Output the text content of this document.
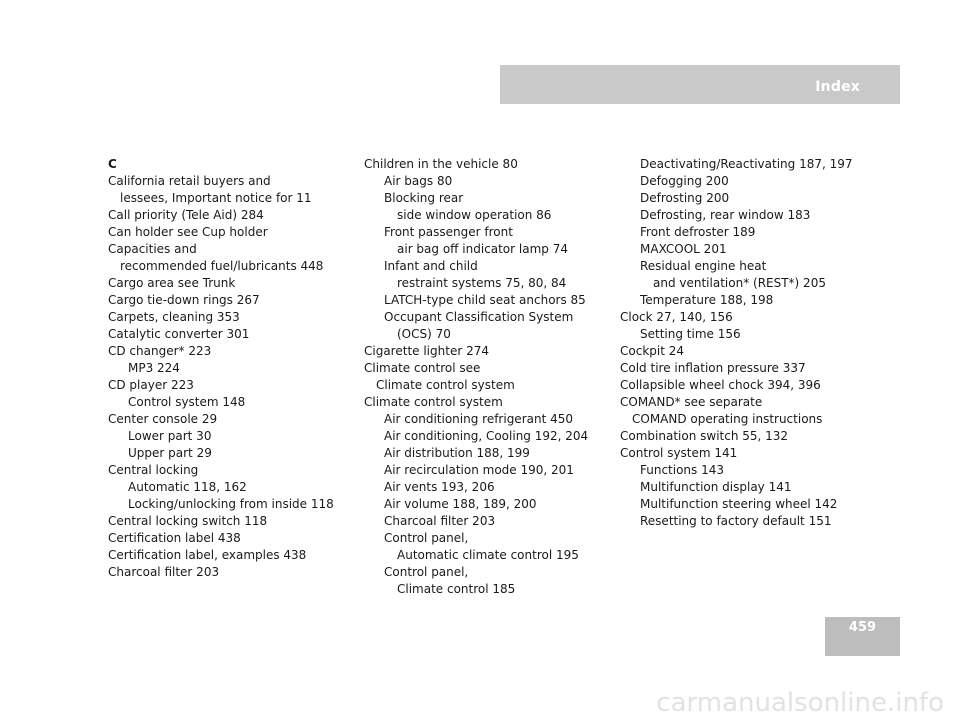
Index
C
California retail buyers and
lessees, Important notice for 11
Call priority (Tele Aid) 284
Can holder see Cup holder
Capacities and
recommended fuel/lubricants 448
Cargo area see Trunk
Cargo tie-down rings 267
Carpets, cleaning 353
Catalytic converter 301
CD changer* 223
MP3 224
CD player 223
Control system 148
Center console 29
Lower part 30
Upper part 29
Central locking
Automatic 118, 162
Locking/unlocking from inside 118
Central locking switch 118
Certification label 438
Certification label, examples 438
Charcoal filter 203
Children in the vehicle 80
Air bags 80
Blocking rear
side window operation 86
Front passenger front
air bag off indicator lamp 74
Infant and child
restraint systems 75, 80, 84
LATCH-type child seat anchors 85
Occupant Classification System
(OCS) 70
Cigarette lighter 274
Climate control see
Climate control system
Climate control system
Air conditioning refrigerant 450
Air conditioning, Cooling 192, 204
Air distribution 188, 199
Air recirculation mode 190, 201
Air vents 193, 206
Air volume 188, 189, 200
Charcoal filter 203
Control panel,
Automatic climate control 195
Control panel,
Climate control 185
Deactivating/Reactivating 187, 197
Defogging 200
Defrosting 200
Defrosting, rear window 183
Front defroster 189
MAXCOOL 201
Residual engine heat
and ventilation* (REST*) 205
Temperature 188, 198
Clock 27, 140, 156
Setting time 156
Cockpit 24
Cold tire inflation pressure 337
Collapsible wheel chock 394, 396
COMAND* see separate
COMAND operating instructions
Combination switch 55, 132
Control system 141
Functions 143
Multifunction display 141
Multifunction steering wheel 142
Resetting to factory default 151
459
carmanualsonline.info
